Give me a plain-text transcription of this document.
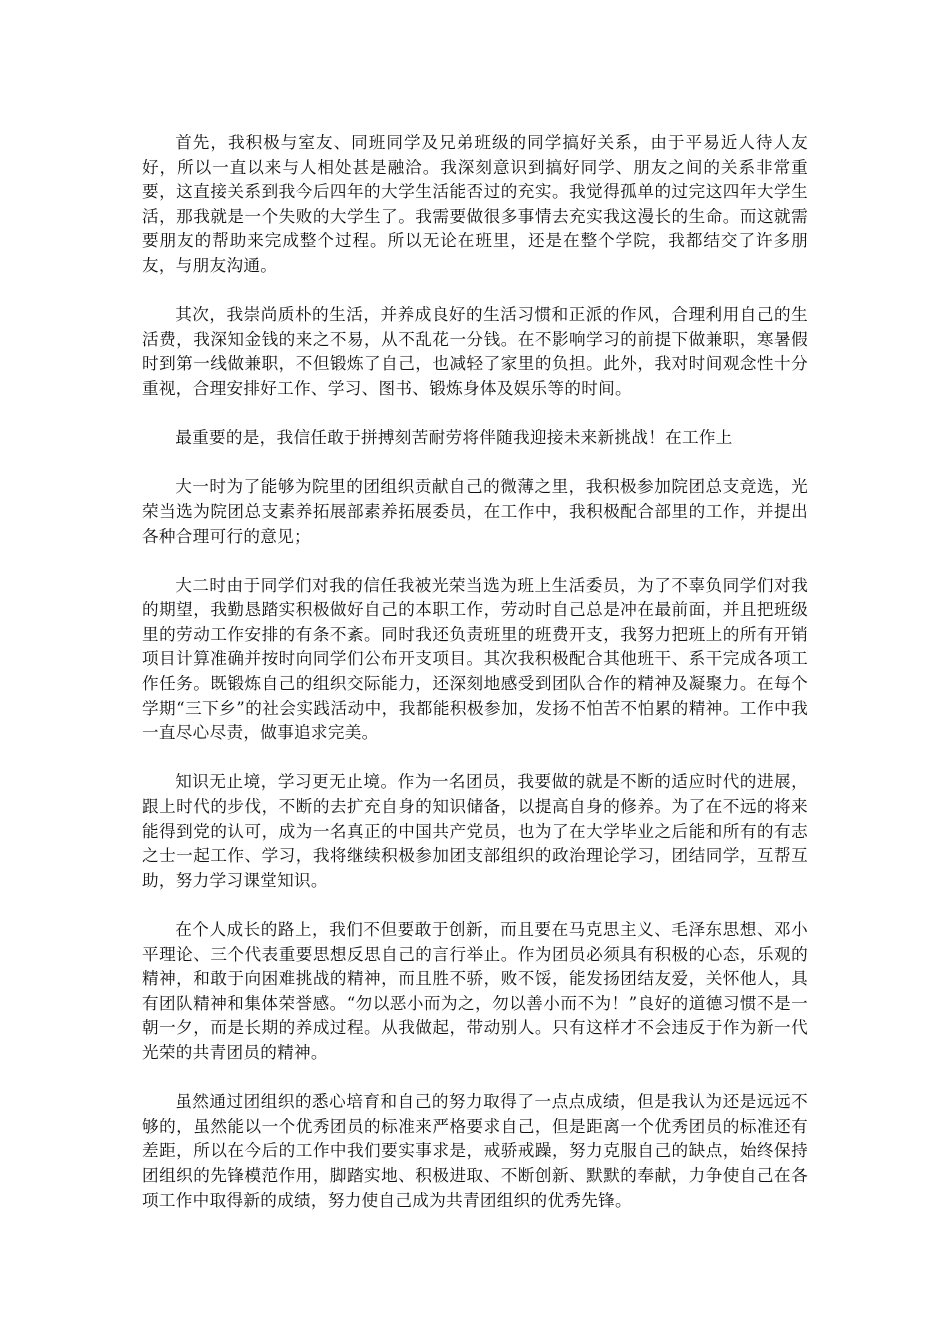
首先，我积极与室友、同班同学及兄弟班级的同学搞好关系，由于平易近人待人友好，所以一直以来与人相处甚是融洽。我深刻意识到搞好同学、朋友之间的关系非常重要，这直接关系到我今后四年的大学生活能否过的充实。我觉得孤单的过完这四年大学生活，那我就是一个失败的大学生了。我需要做很多事情去充实我这漫长的生命。而这就需要朋友的帮助来完成整个过程。所以无论在班里，还是在整个学院，我都结交了许多朋友，与朋友沟通。

其次，我崇尚质朴的生活，并养成良好的生活习惯和正派的作风，合理利用自己的生活费，我深知金钱的来之不易，从不乱花一分钱。在不影响学习的前提下做兼职，寒暑假时到第一线做兼职，不但锻炼了自己，也减轻了家里的负担。此外，我对时间观念性十分重视，合理安排好工作、学习、图书、锻炼身体及娱乐等的时间。

最重要的是，我信任敢于拼搏刻苦耐劳将伴随我迎接未来新挑战！在工作上

大一时为了能够为院里的团组织贡献自己的微薄之里，我积极参加院团总支竞选，光荣当选为院团总支素养拓展部素养拓展委员，在工作中，我积极配合部里的工作，并提出各种合理可行的意见；

大二时由于同学们对我的信任我被光荣当选为班上生活委员，为了不辜负同学们对我的期望，我勤恳踏实积极做好自己的本职工作，劳动时自己总是冲在最前面，并且把班级里的劳动工作安排的有条不紊。同时我还负责班里的班费开支，我努力把班上的所有开销项目计算准确并按时向同学们公布开支项目。其次我积极配合其他班干、系干完成各项工作任务。既锻炼自己的组织交际能力，还深刻地感受到团队合作的精神及凝聚力。在每个学期“三下乡”的社会实践活动中，我都能积极参加，发扬不怕苦不怕累的精神。工作中我一直尽心尽责，做事追求完美。

知识无止境，学习更无止境。作为一名团员，我要做的就是不断的适应时代的进展，跟上时代的步伐，不断的去扩充自身的知识储备，以提高自身的修养。为了在不远的将来能得到党的认可，成为一名真正的中国共产党员，也为了在大学毕业之后能和所有的有志之士一起工作、学习，我将继续积极参加团支部组织的政治理论学习，团结同学，互帮互助，努力学习课堂知识。

在个人成长的路上，我们不但要敢于创新，而且要在马克思主义、毛泽东思想、邓小平理论、三个代表重要思想反思自己的言行举止。作为团员必须具有积极的心态，乐观的精神，和敢于向困难挑战的精神，而且胜不骄，败不馁，能发扬团结友爱，关怀他人，具有团队精神和集体荣誉感。“勿以恶小而为之，勿以善小而不为！”良好的道德习惯不是一朝一夕，而是长期的养成过程。从我做起，带动别人。只有这样才不会违反于作为新一代光荣的共青团员的精神。

虽然通过团组织的悉心培育和自己的努力取得了一点点成绩，但是我认为还是远远不够的，虽然能以一个优秀团员的标准来严格要求自己，但是距离一个优秀团员的标准还有差距，所以在今后的工作中我们要实事求是，戒骄戒躁，努力克服自己的缺点，始终保持团组织的先锋模范作用，脚踏实地、积极进取、不断创新、默默的奉献，力争使自己在各项工作中取得新的成绩，努力使自己成为共青团组织的优秀先锋。
